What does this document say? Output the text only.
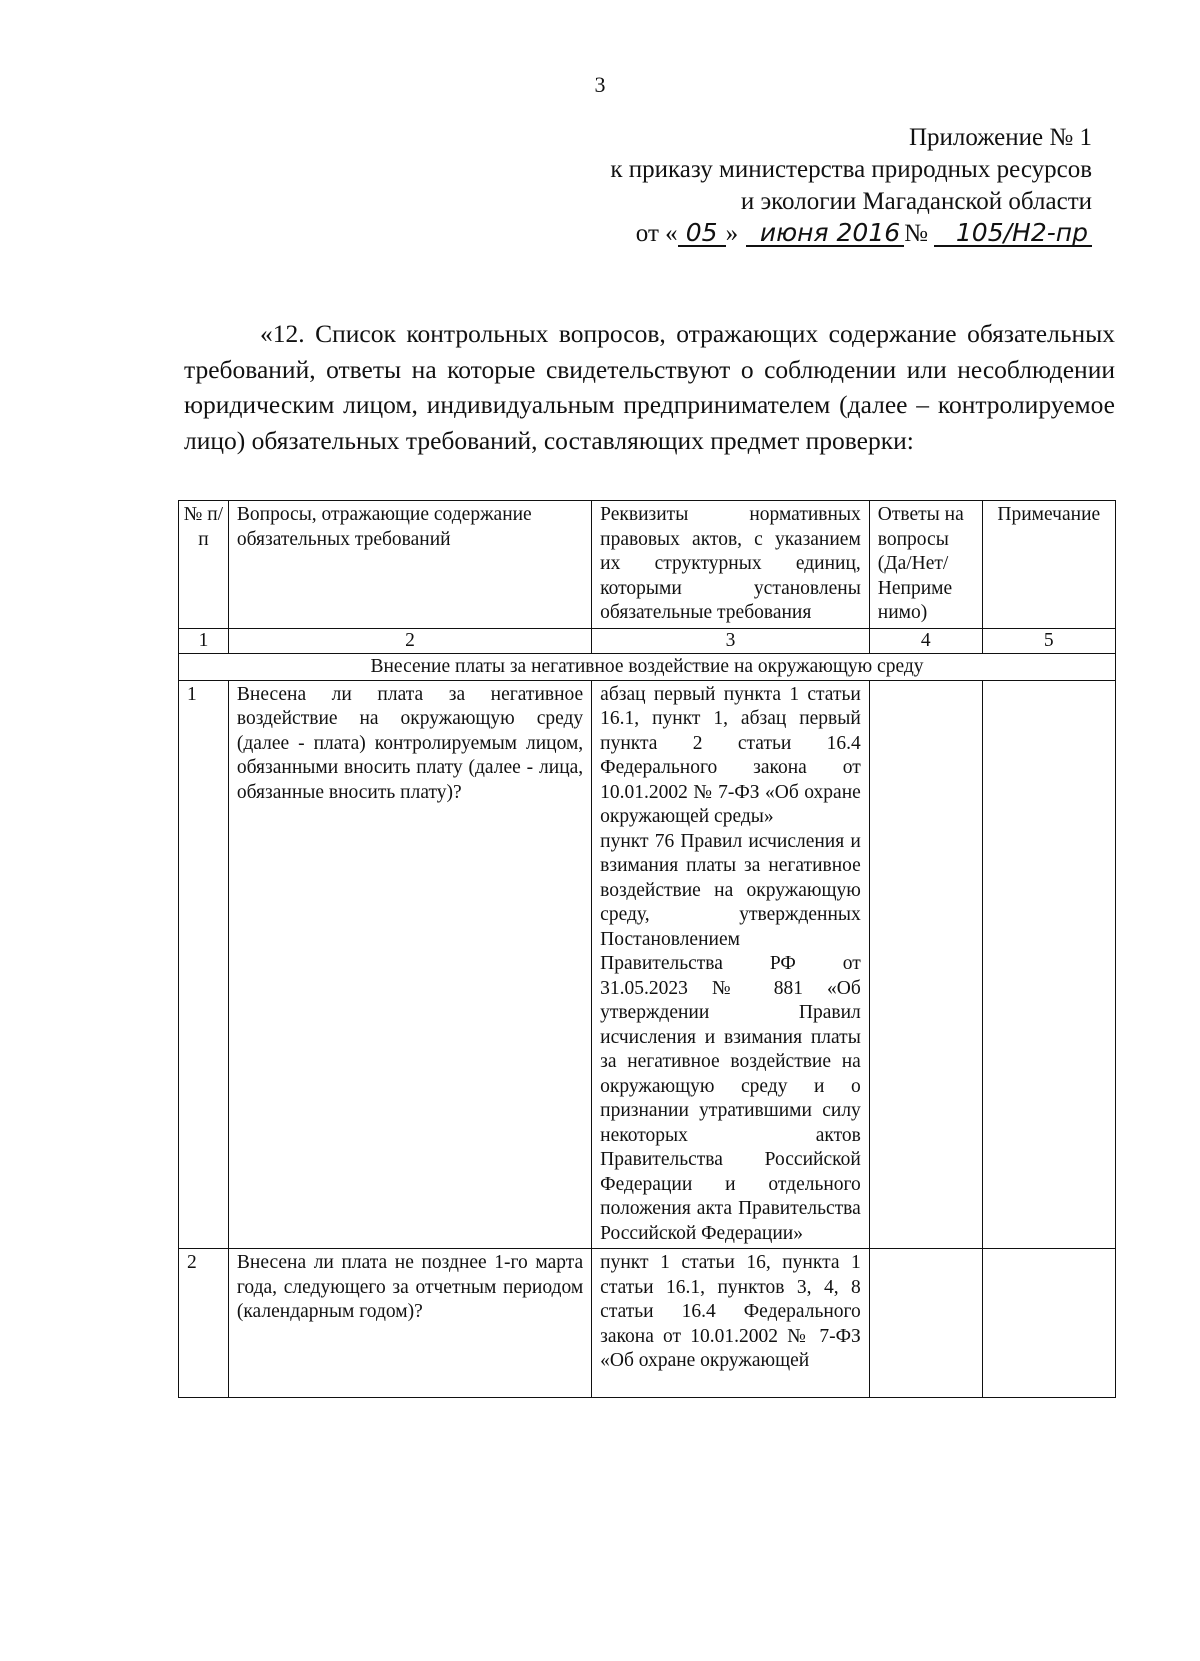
3
Приложение № 1
к приказу министерства природных ресурсов
и экологии Магаданской области
от « 05 » июня 2016 № 105/Н2-пр

«12. Список контрольных вопросов, отражающих содержание обязательных требований, ответы на которые свидетельствуют о соблюдении или несоблюдении юридическим лицом, индивидуальным предпринимателем (далее – контролируемое лицо) обязательных требований, составляющих предмет проверки:

№ п/п	Вопросы, отражающие содержание обязательных требований	Реквизиты нормативных правовых актов, с указанием их структурных единиц, которыми установлены обязательные требования	Ответы на вопросы (Да/Нет/ Неприме нимо)	Примечание
1	2	3	4	5
Внесение платы за негативное воздействие на окружающую среду				
1	Внесена ли плата за негативное воздействие на окружающую среду (далее - плата) контролируемым лицом, обязанными вносить плату (далее - лица, обязанные вносить плату)?	абзац первый пункта 1 статьи 16.1, пункт 1, абзац первый пункта 2 статьи 16.4 Федерального закона от 10.01.2002 № 7-ФЗ «Об охране окружающей среды»
пункт 76 Правил исчисления и взимания платы за негативное воздействие на окружающую среду, утвержденных Постановлением Правительства РФ от 31.05.2023 № 881 «Об утверждении Правил исчисления и взимания платы за негативное воздействие на окружающую среду и о признании утратившими силу некоторых актов Правительства Российской Федерации и отдельного положения акта Правительства Российской Федерации»		

2	Внесена ли плата не позднее 1-го марта года, следующего за отчетным периодом (календарным годом)?	пункт 1 статьи 16, пункта 1 статьи 16.1, пунктов 3, 4, 8 статьи 16.4 Федерального закона от 10.01.2002 № 7-ФЗ «Об охране окружающей		
